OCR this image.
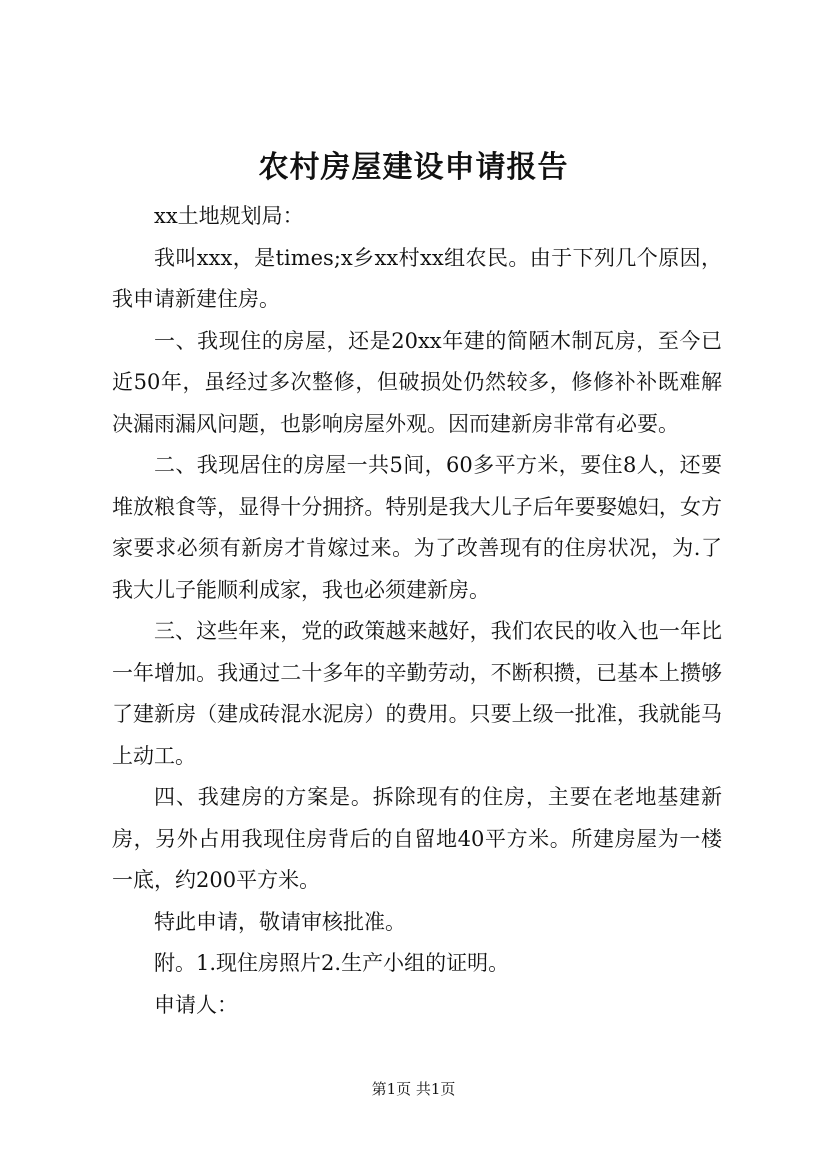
农村房屋建设申请报告

xx土地规划局：

我叫xxx，是times;x乡xx村xx组农民。由于下列几个原因，我申请新建住房。

一、我现住的房屋，还是20xx年建的简陋木制瓦房，至今已近50年，虽经过多次整修，但破损处仍然较多，修修补补既难解决漏雨漏风问题，也影响房屋外观。因而建新房非常有必要。

二、我现居住的房屋一共5间，60多平方米，要住8人，还要堆放粮食等，显得十分拥挤。特别是我大儿子后年要娶媳妇，女方家要求必须有新房才肯嫁过来。为了改善现有的住房状况，为.了我大儿子能顺利成家，我也必须建新房。

三、这些年来，党的政策越来越好，我们农民的收入也一年比一年增加。我通过二十多年的辛勤劳动，不断积攒，已基本上攒够了建新房（建成砖混水泥房）的费用。只要上级一批准，我就能马上动工。

四、我建房的方案是。拆除现有的住房，主要在老地基建新房，另外占用我现住房背后的自留地40平方米。所建房屋为一楼一底，约200平方米。

特此申请，敬请审核批准。

附。1.现住房照片2.生产小组的证明。

申请人：

第1页 共1页
